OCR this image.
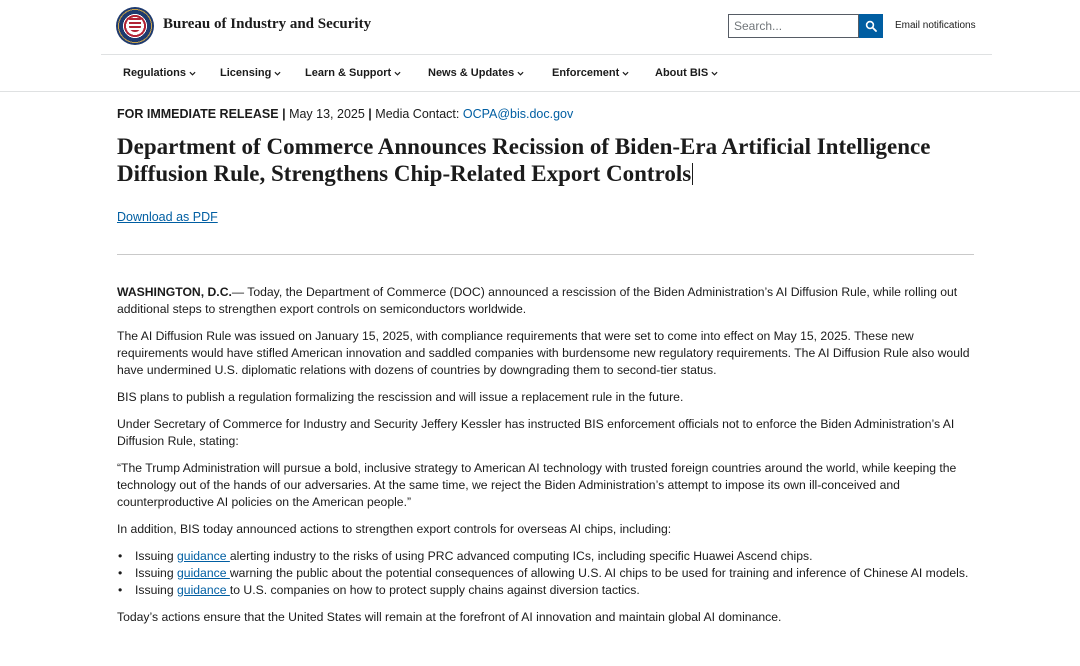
Bureau of Industry and Security
Search...	Email notifications
Regulations	Licensing	Learn & Support	News & Updates	Enforcement	About BIS
FOR IMMEDIATE RELEASE | May 13, 2025 | Media Contact: OCPA@bis.doc.gov
Department of Commerce Announces Recission of Biden-Era Artificial Intelligence Diffusion Rule, Strengthens Chip-Related Export Controls
Download as PDF

WASHINGTON, D.C.— Today, the Department of Commerce (DOC) announced a rescission of the Biden Administration’s AI Diffusion Rule, while rolling out additional steps to strengthen export controls on semiconductors worldwide.

The AI Diffusion Rule was issued on January 15, 2025, with compliance requirements that were set to come into effect on May 15, 2025. These new requirements would have stifled American innovation and saddled companies with burdensome new regulatory requirements. The AI Diffusion Rule also would have undermined U.S. diplomatic relations with dozens of countries by downgrading them to second-tier status.

BIS plans to publish a regulation formalizing the rescission and will issue a replacement rule in the future.

Under Secretary of Commerce for Industry and Security Jeffery Kessler has instructed BIS enforcement officials not to enforce the Biden Administration’s AI Diffusion Rule, stating:

“The Trump Administration will pursue a bold, inclusive strategy to American AI technology with trusted foreign countries around the world, while keeping the technology out of the hands of our adversaries. At the same time, we reject the Biden Administration’s attempt to impose its own ill-conceived and counterproductive AI policies on the American people.”

In addition, BIS today announced actions to strengthen export controls for overseas AI chips, including:

• Issuing guidance alerting industry to the risks of using PRC advanced computing ICs, including specific Huawei Ascend chips.
• Issuing guidance warning the public about the potential consequences of allowing U.S. AI chips to be used for training and inference of Chinese AI models.
• Issuing guidance to U.S. companies on how to protect supply chains against diversion tactics.

Today’s actions ensure that the United States will remain at the forefront of AI innovation and maintain global AI dominance.
